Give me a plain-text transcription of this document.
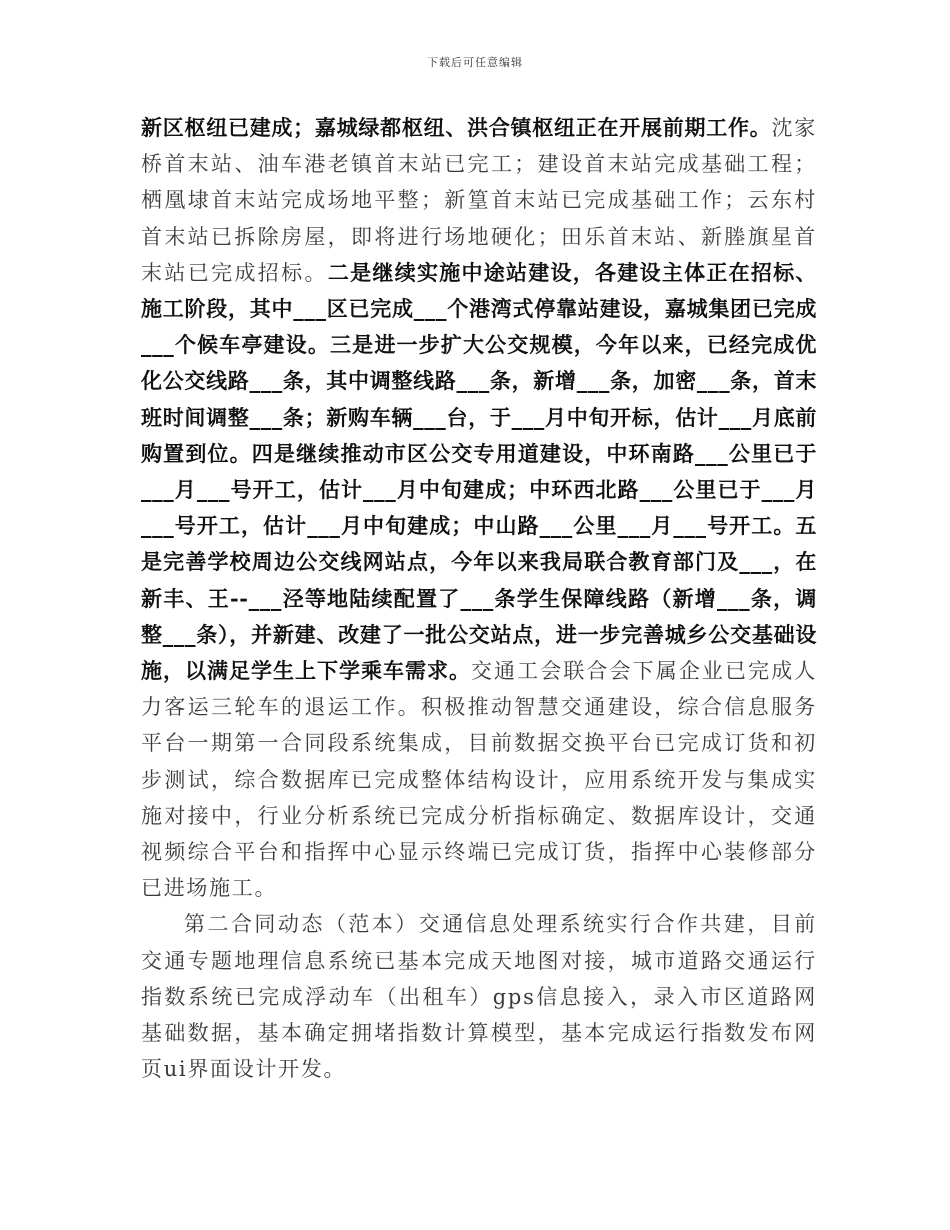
下载后可任意编辑

新区枢纽已建成；嘉城绿都枢纽、洪合镇枢纽正在开展前期工作。沈家桥首末站、油车港老镇首末站已完工；建设首末站完成基础工程；栖凰埭首末站完成场地平整；新篁首末站已完成基础工作；云东村首末站已拆除房屋，即将进行场地硬化；田乐首末站、新塍旗星首末站已完成招标。二是继续实施中途站建设，各建设主体正在招标、施工阶段，其中___区已完成___个港湾式停靠站建设，嘉城集团已完成___个候车亭建设。三是进一步扩大公交规模，今年以来，已经完成优化公交线路___条，其中调整线路___条，新增___条，加密___条，首末班时间调整___条；新购车辆___台，于___月中旬开标，估计___月底前购置到位。四是继续推动市区公交专用道建设，中环南路___公里已于___月___号开工，估计___月中旬建成；中环西北路___公里已于___月___号开工，估计___月中旬建成；中山路___公里___月___号开工。五是完善学校周边公交线网站点，今年以来我局联合教育部门及___，在新丰、王--___泾等地陆续配置了___条学生保障线路（新增___条，调整___条），并新建、改建了一批公交站点，进一步完善城乡公交基础设施，以满足学生上下学乘车需求。交通工会联合会下属企业已完成人力客运三轮车的退运工作。积极推动智慧交通建设，综合信息服务平台一期第一合同段系统集成，目前数据交换平台已完成订货和初步测试，综合数据库已完成整体结构设计，应用系统开发与集成实施对接中，行业分析系统已完成分析指标确定、数据库设计，交通视频综合平台和指挥中心显示终端已完成订货，指挥中心装修部分已进场施工。

第二合同动态（范本）交通信息处理系统实行合作共建，目前交通专题地理信息系统已基本完成天地图对接，城市道路交通运行指数系统已完成浮动车（出租车）gps信息接入，录入市区道路网基础数据，基本确定拥堵指数计算模型，基本完成运行指数发布网页ui界面设计开发。
